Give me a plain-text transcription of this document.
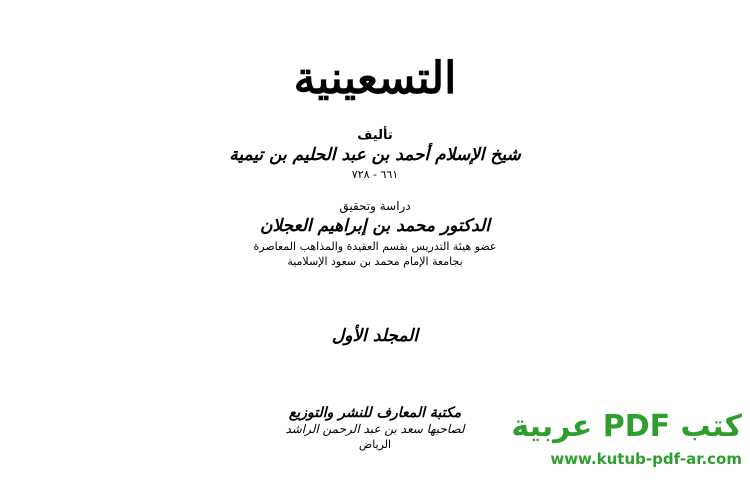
التسعينية
تأليف
شيخ الإسلام أحمد بن عبد الحليم بن تيمية
٦٦١ - ٧٢٨
دراسة وتحقيق
الدكتور محمد بن إبراهيم العجلان
عضو هيئة التدريس بقسم العقيدة والمذاهب المعاصرة
بجامعة الإمام محمد بن سعود الإسلامية
المجلد الأول
مكتبة المعارف للنشر والتوزيع
لصاحبها سعد بن عبد الرحمن الراشد
الرياض
كتب PDF عربية
www.kutub-pdf-ar.com
